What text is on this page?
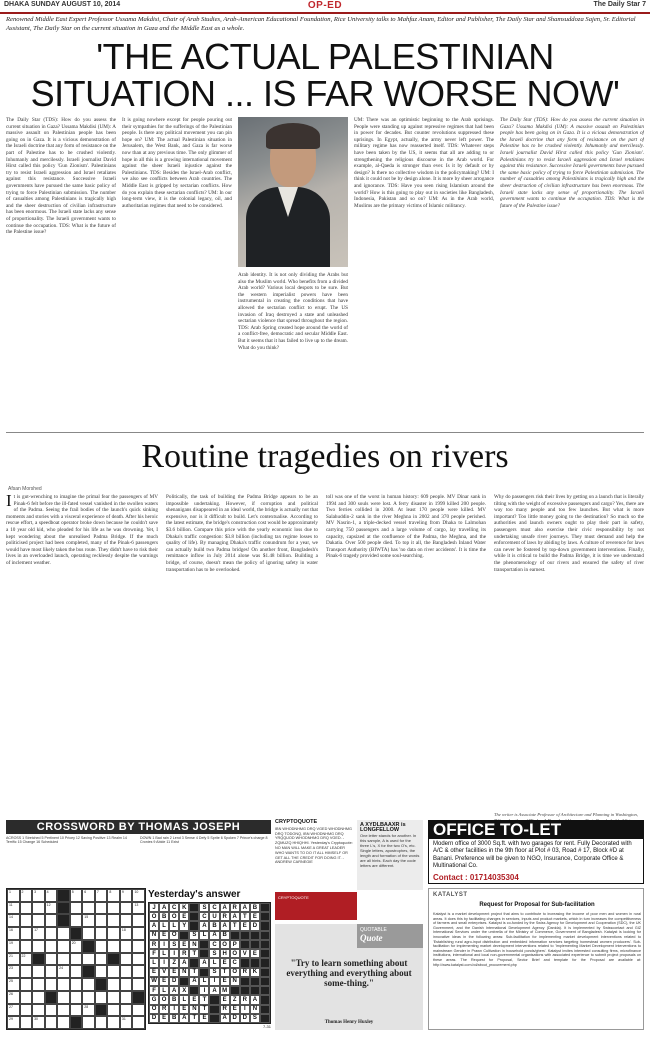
DHAKA SUNDAY AUGUST 10, 2014	OP-ED	The Daily Star 7
Renowned Middle East Expert Professor Ussama Makdisi, Chair of Arab Studies, Arab-American Educational Foundation, Rice University talks to Mahfuz Anam, Editor and Publisher, The Daily Star and Shamsuddoza Sajen, Sr. Editorial Assistant, The Daily Star on the current situation in Gaza and the Middle East as a whole.
'THE ACTUAL PALESTINIAN SITUATION ... IS FAR WORSE NOW'
The Daily Star (TDS): How do you assess the current situation in Gaza? Ussama Makdisi (UM): A massive assault on Palestinian people has been going on in Gaza. It is a vicious demonstration of the Israeli doctrine that any form of resistance on the part of Palestine has to be crushed violently. Inhumanly and mercilessly. Israeli journalist David Hirst called this policy 'Gun Zionism'. Palestinians try to resist Israeli aggression and Israel retaliates against this resistance. Successive Israeli governments have pursued the same basic policy of trying to force Palestinian submission. The number of casualties among Palestinians is tragically high and the sheer destruction of civilian infrastructure has been enormous. The Israeli state lacks any sense of proportionality. The Israeli government wants to continue the occupation. TDS: What is the future of the Palestine issue?
It is going nowhere except for people pouring out their sympathies for the sufferings of the Palestinian people. Is there any political movement you can pin hope on? UM: The actual Palestinian situation in Jerusalem, the West Bank, and Gaza is far worse now than at any previous time. The only glimmer of hope in all this is a growing international movement against the sheer Israeli injustice against the Palestinians. TDS: Besides the Israel-Arab conflict, we also see conflicts between Arab countries. The Middle East is gripped by sectarian conflicts. How do you explain these sectarian conflicts? UM: In our long-term view, it is the colonial legacy, oil, and authoritarian regimes that need to be considered.
Arab identity. It is not only dividing the Arabs but also the Muslim world. Who benefits from a divided Arab world? Various local despots to be sure. But the western imperialist powers have been instrumental in creating the conditions that have allowed the sectarian conflict to erupt. The US invasion of Iraq destroyed a state and unleashed sectarian violence that spread throughout the region. TDS: Arab Spring created hope around the world of a conflict-free, democratic and secular Middle East. But it seems that it has failed to live up to the dream. What do you think?
UM: There was an optimistic beginning to the Arab uprisings. People were standing up against repressive regimes that had been in power for decades. But counter revolutions suppressed these uprisings. In Egypt, actually, the army never left power. The military regime has now reasserted itself. TDS: Whatever steps have been taken by the US, it seems that all are adding to or strengthening the religious discourse in the Arab world. For example, al-Qaeda is stronger than ever. Is it by default or by design? Is there no collective wisdom in the policymaking? UM: I think it could not be by design alone. It is more by sheer arrogance and ignorance. TDS: Have you seen rising Islamism around the world? How is this going to play out in societies like Bangladesh, Indonesia, Pakistan and so on? UM: As in the Arab world, Muslims are the primary victims of Islamic militancy.
The Daily Star (TDS): How do you assess the current situation in Gaza? Ussama Makdisi (UM): A massive assault on Palestinian people has been going on in Gaza. It is a vicious demonstration of the Israeli doctrine that any form of resistance on the part of Palestine has to be crushed violently. Inhumanly and mercilessly. Israeli journalist David Hirst called this policy 'Gun Zionism'. Palestinians try to resist Israeli aggression and Israel retaliates against this resistance. Successive Israeli governments have pursued the same basic policy of trying to force Palestinian submission. The number of casualties among Palestinians is tragically high and the sheer destruction of civilian infrastructure has been enormous. The Israeli state lacks any sense of proportionality. The Israeli government wants to continue the occupation. TDS: What is the future of the Palestine issue?
Routine tragedies on rivers
Afsan Morshed
It is gut-wrenching to imagine the primal fear the passengers of MV Pinak-6 felt before the ill-fated vessel vanished in the swollen waters of the Padma. Seeing the frail bodies of the launch's quick sinking moments and stories with a visceral experience of death. After his heroic rescue effort, a speedboat operator broke down because he couldn't save a 10 year old kid, who pleaded for his life as he was drowning. Yet, I kept wondering about the unrealised Padma Bridge. If the much politicised project had been completed, many of the Pinak-6 passengers would have most likely taken the bus route. They didn't have to risk their lives in an overloaded launch, operating recklessly despite the warnings of inclement weather.
Politically, the task of building the Padma Bridge appears to be an impossible undertaking. However, if corruption and political shenanigans disappeared in an ideal world, the bridge is actually not that expensive, nor is it difficult to build. Let's contextualise. According to the latest estimate, the bridge's construction cost would be approximately $3.6 billion. Compare this price with the yearly economic loss due to Dhaka's traffic congestion: $3.8 billion (including tax regime losses to quality of life). By managing Dhaka's traffic conundrum for a year, we can actually build two Padma bridges! On another front, Bangladesh's remittance inflow in July 2014 alone was $1.48 billion. Building a bridge, of course, doesn't mean the policy of ignoring safety in water transportation has to be overlooked.
toll was one of the worst in human history: 609 people. MV Dinar sank in 1994 and 300 souls were lost. A ferry disaster in 1999 killed 200 people. Two ferries collided in 2000. At least 170 people were killed. MV Salahuddin-2 sank in the river Meghna in 2002 and 370 people perished. MV Nasrin-1, a triple-decked vessel traveling from Dhaka to Lalmohan carrying 750 passengers and a large volume of cargo, lay travelling its capacity, capsized at the confluence of the Padma, the Meghna, and the Dakatia. Over 500 people died. To top it all, the Bangladesh Inland Water Transport Authority (BIWTA) has 'no data on river accidents'. It is time the Pinak-6 tragedy provided some soul-searching.
Why do passengers risk their lives by getting on a launch that is literally tilting with the weight of excessive passengers and cargo? Yes, there are way too many people and too few launches. But what is more important? Too little money going to the destination? So much so the authorities and launch owners ought to play their part in safety, passengers must also exercise their civic responsibility by not undertaking unsafe river journeys. They must demand and help the enforcement of laws by abiding by laws. A culture of reverence for laws can never be fostered by top-down government interventions. Finally, while it is critical to build the Padma Bridge, it is time we understand the phenomenology of our rivers and ensured the safety of river transportation in earnest.
The writer is Associate Professor of Architecture and Planning in Washington,
CROSSWORD BY THOMAS JOSEPH
ACROSS 1 Stretched 5 Pertinent 10 Pricey 12 Saving Positive 13 Realm 14 Terrific 15 Change 16 Scheduled
DOWN 1 Bad rain 2 Lend 3 Sense 4 Defy 5 Sprite 6 Spoken 7 Prince's charge 8 Cronies 9 Abide 11 Exist
1	2	3	4	5	6	7	8	9	10
11	12	13
14	15
16	17	18
19	20
21	22
23	24
25
26
27	28
29	30	31
Yesterday's answer
J	A C K	S C A R A B
O B O E	C U R A	T	E
A	L	L	Y	A B A	T	E D
N E O	S	L	A B
R	I	S	E N	C O P
F	L	I	R	T	S H O V	E
L	I	Z	A	A	L	E C
E	V	E N	T	S	T O R K
W E D	A	L	I	E N
F	L	A X	I	A M
G O B	L	E	T	E	Z	R A
O R	I	E N	T	R E	I	N
D E B A	T	E	A D D S
7-31
CRYPTOQUOTE
IBN WHODNHMG DRQ VGED WHODNHMG DRQ TODONQ, IBN WHODNHMG DRQ YRQQUOD WHODNHMG DRQ VGED. - ZQMUZQ HHIQHHI. Yesterday's Cryptoquote: NO MAN WILL MAKE A GREAT LEADER WHO WANTS TO DO IT ALL HIMSELF OR GET ALL THE CREDIT FOR DOING IT. - ANDREW CARNEGIE
A XYDLBAAXR is LONGFELLOW
One letter stands for another. In this sample, A is used for the three L's, X for the two O's, etc. Single letters, apostrophes, the length and formation of the words are all hints. Each day the code letters are different.
CRYPTOQUOTE
QUOTABLE
Quote
"Try to learn something about everything and everything about some-thing."
Thomas Henry Huxley
OFFICE TO-LET
Modern office of 3000 Sq.ft. with two garages for rent. Fully Decorated with A/C & other facilities in the 9th floor at Plot # 03, Road # 17, Block #D at Banani. Preference will be given to NGO, Insurance, Corporate Office & Multinational Co.
Contact : 01714035304
KATALYST
Request for Proposal for Sub-facilitation
Katalyst is a market development project that aims to contribute to increasing the income of poor men and women in rural areas. It does this by facilitating changes in services, inputs and product markets, which in turn increases the competitiveness of farmers and small enterprises. Katalyst is co-funded by the Swiss Agency for Development and Cooperation (SDC), the UK Government, and the Danish International Development Agency (Danida). It is implemented by Swisscontact and GIZ International Services under the umbrella of the Ministry of Commerce, Government of Bangladesh. Katalyst is looking for innovative ideas in the following areas: Sub-facilitation for implementing market development interventions related to 'Establishing rural agro-input distribution and embedded information services targeting homestead women producers'. Sub-facilitation for implementing market development interventions related to 'Implementing Market Development Interventions to mainstream Gender in Prawn Cultivation in household ponds/ghers'. Katalyst invites interested consulting firms, microfinance institutions, international and local non-governmental organisations with associated experience to submit project proposals on these areas. The Request for Proposal, Sector Brief and template for the Proposal are available at: http://www.katalyst.com.bd/about_procurement.php
